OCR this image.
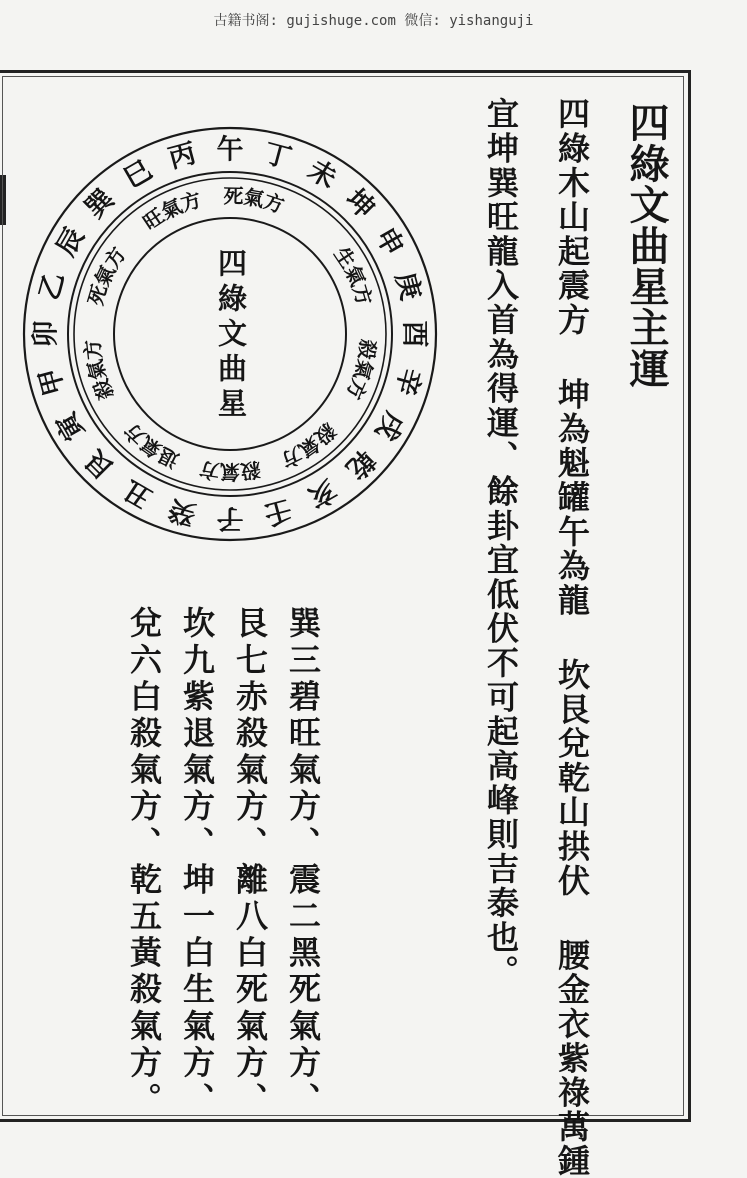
古籍书阁: gujishuge.com 微信: yishanguji
四綠文曲星主運
四綠木山起震方 坤為魁罐午為龍 坎艮兌乾山拱伏 腰金衣紫祿萬鍾
宜坤巽旺龍入首為得運、餘卦宜低伏不可起高峰則吉泰也。
巽三碧旺氣方、震二黑死氣方、
艮七赤殺氣方、離八白死氣方、
坎九紫退氣方、坤一白生氣方、
兌六白殺氣方、乾五黃殺氣方。
午 丁 未
坤
申
庚
酉
辛
戌
乾
亥
壬
子
癸
丑
艮
寅
甲
卯
乙
辰
巽
巳 丙
死
氣
方
生
氣
方
殺
氣
方
殺
氣
方
殺
氣
方
退
氣
方
殺
氣
方
死
氣
方
旺
氣
方
四綠文曲星
